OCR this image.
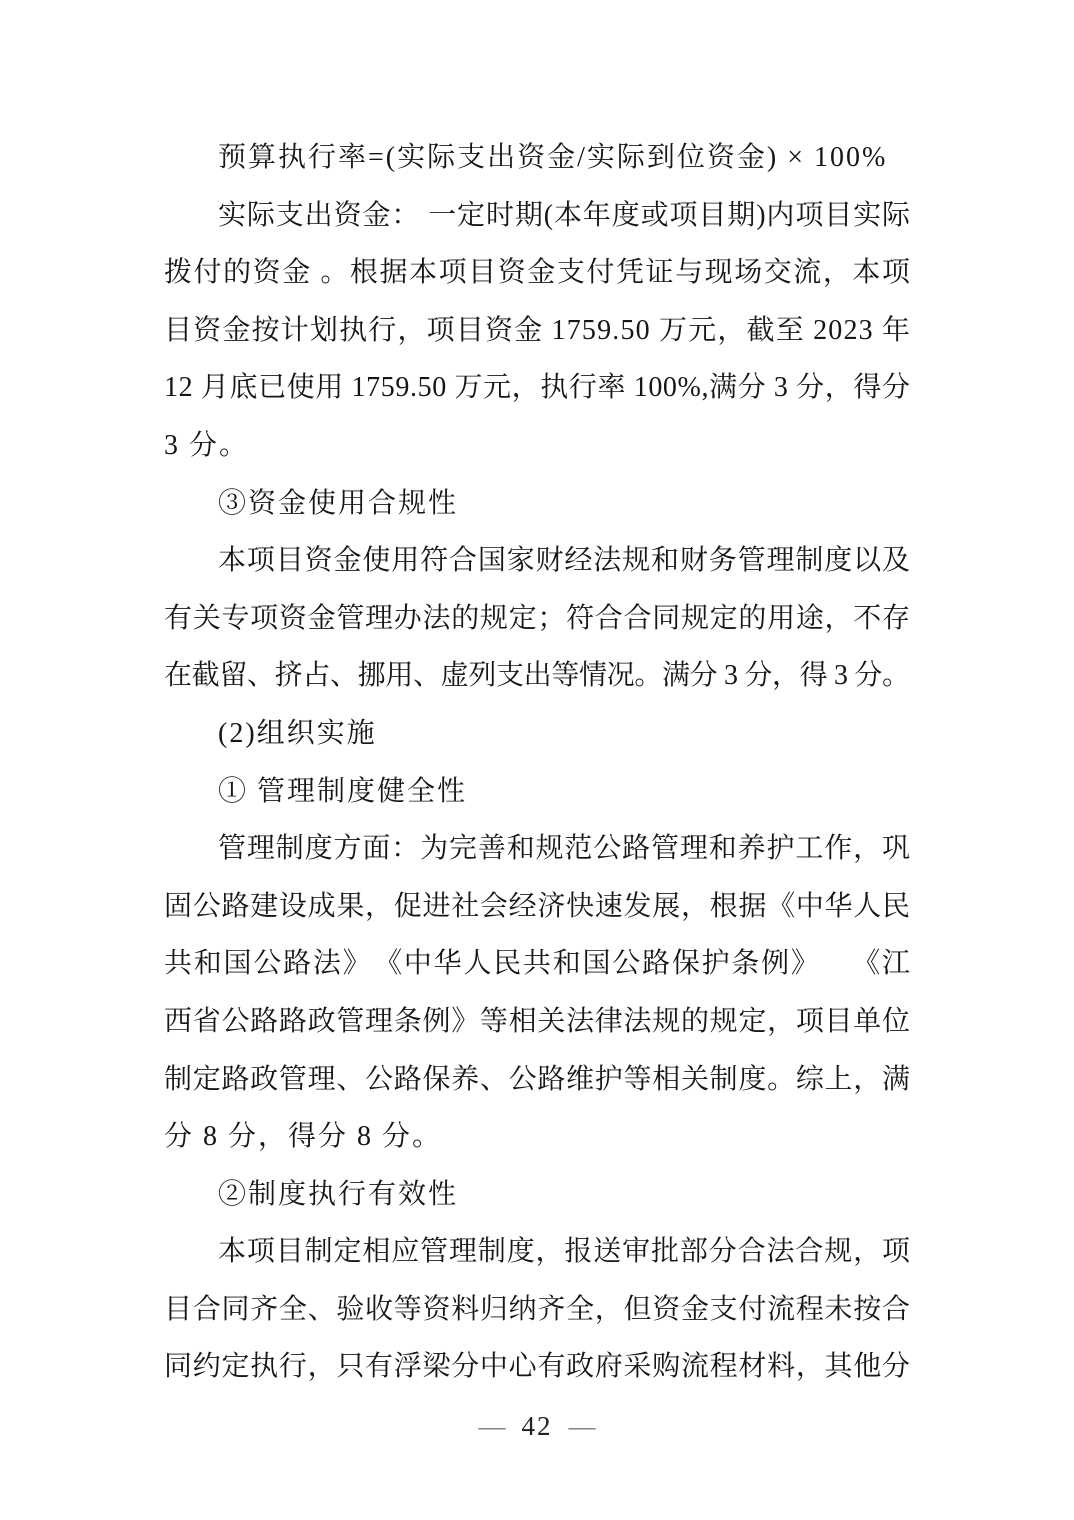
预算执行率=(实际支出资金/实际到位资金) × 100%
实际支出资金： 一定时期(本年度或项目期)内项目实际
拨付的资金 。根据本项目资金支付凭证与现场交流，本项
目资金按计划执行，项目资金 1759.50 万元，截至 2023 年
12 月底已使用 1759.50 万元，执行率 100%,满分 3 分，得分
3 分。
③资金使用合规性
本项目资金使用符合国家财经法规和财务管理制度以及
有关专项资金管理办法的规定；符合合同规定的用途，不存
在截留、挤占、挪用、虚列支出等情况。满分 3 分，得 3 分。
(2)组织实施
① 管理制度健全性
管理制度方面：为完善和规范公路管理和养护工作，巩
固公路建设成果，促进社会经济快速发展，根据《中华人民
共和国公路法》　《中华人民共和国公路保护条例》　　《江
西省公路路政管理条例》等相关法律法规的规定，项目单位
制定路政管理、公路保养、公路维护等相关制度。综上，满
分 8 分，得分 8 分。
②制度执行有效性
本项目制定相应管理制度，报送审批部分合法合规，项
目合同齐全、验收等资料归纳齐全，但资金支付流程未按合
同约定执行，只有浮梁分中心有政府采购流程材料，其他分
— 42 —
